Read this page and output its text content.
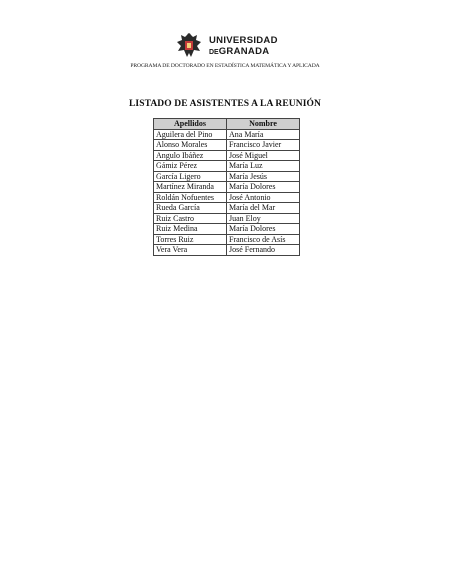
UNIVERSIDAD
DEGRANADA
PROGRAMA DE DOCTORADO EN ESTADÍSTICA MATEMÁTICA Y APLICADA
LISTADO DE ASISTENTES A LA REUNIÓN
Apellidos	Nombre
Aguilera del Pino	Ana María
Alonso Morales	Francisco Javier
Angulo Ibáñez	José Miguel
Gámiz Pérez	María Luz
García Ligero	María Jesús
Martínez Miranda	María Dolores
Roldán Nofuentes	José Antonio
Rueda García	María del Mar
Ruiz Castro	Juan Eloy
Ruiz Medina	María Dolores
Torres Ruiz	Francisco de Asís
Vera Vera	José Fernando
